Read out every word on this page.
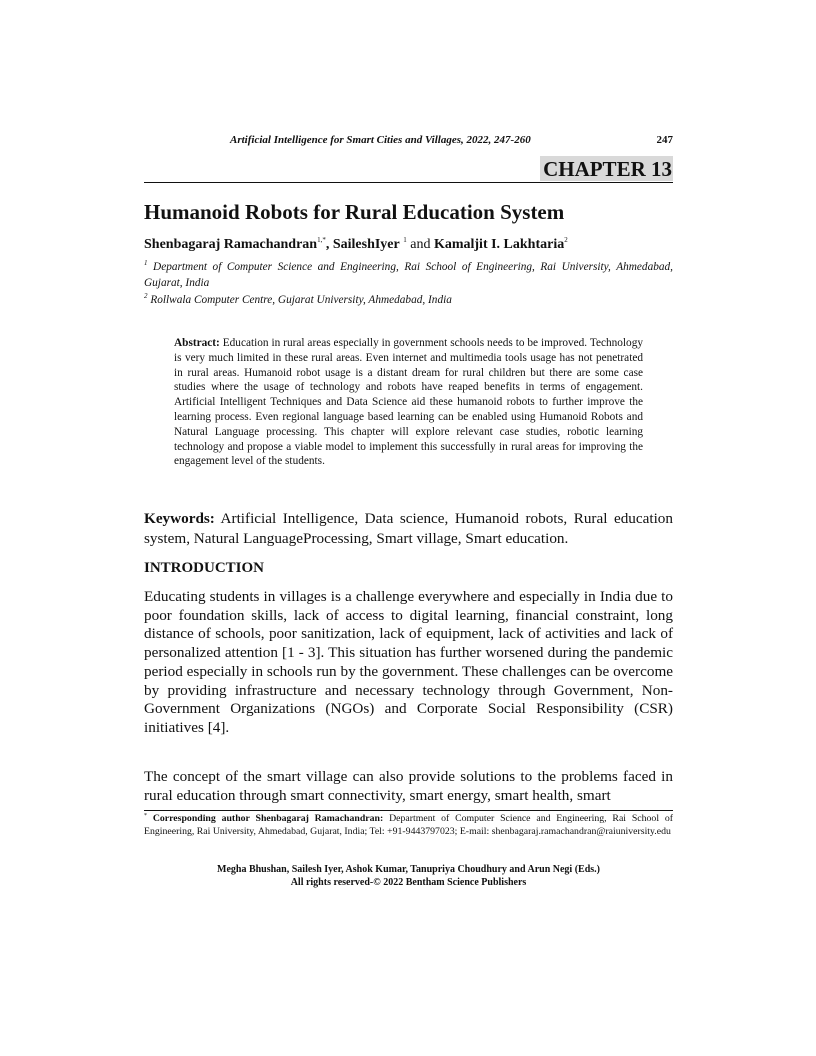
Artificial Intelligence for Smart Cities and Villages, 2022, 247-260	247
CHAPTER 13
Humanoid Robots for Rural Education System
Shenbagaraj Ramachandran$^{1,*}$, SaileshIyer $^1$ and Kamaljit I. Lakhtaria$^2$
$^1$ Department of Computer Science and Engineering, Rai School of Engineering, Rai University, Ahmedabad, Gujarat, India
$^2$ Rollwala Computer Centre, Gujarat University, Ahmedabad, India
Abstract: Education in rural areas especially in government schools needs to be improved. Technology is very much limited in these rural areas. Even internet and multimedia tools usage has not penetrated in rural areas. Humanoid robot usage is a distant dream for rural children but there are some case studies where the usage of technology and robots have reaped benefits in terms of engagement. Artificial Intelligent Techniques and Data Science aid these humanoid robots to further improve the learning process. Even regional language based learning can be enabled using Humanoid Robots and Natural Language processing. This chapter will explore relevant case studies, robotic learning technology and propose a viable model to implement this successfully in rural areas for improving the engagement level of the students.
Keywords: Artificial Intelligence, Data science, Humanoid robots, Rural education system, Natural LanguageProcessing, Smart village, Smart education.
INTRODUCTION

Educating students in villages is a challenge everywhere and especially in India due to poor foundation skills, lack of access to digital learning, financial constraint, long distance of schools, poor sanitization, lack of equipment, lack of activities and lack of personalized attention [1 - 3]. This situation has further worsened during the pandemic period especially in schools run by the government. These challenges can be overcome by providing infrastructure and necessary technology through Government, Non-Government Organizations (NGOs) and Corporate Social Responsibility (CSR) initiatives [4].

The concept of the smart village can also provide solutions to the problems faced in rural education through smart connectivity, smart energy, smart health, smart

* Corresponding author Shenbagaraj Ramachandran: Department of Computer Science and Engineering, Rai School of Engineering, Rai University, Ahmedabad, Gujarat, India; Tel: +91-9443797023; E-mail: shenbagaraj.ramachandran@raiuniversity.edu
Megha Bhushan, Sailesh Iyer, Ashok Kumar, Tanupriya Choudhury and Arun Negi (Eds.)
All rights reserved-© 2022 Bentham Science Publishers
